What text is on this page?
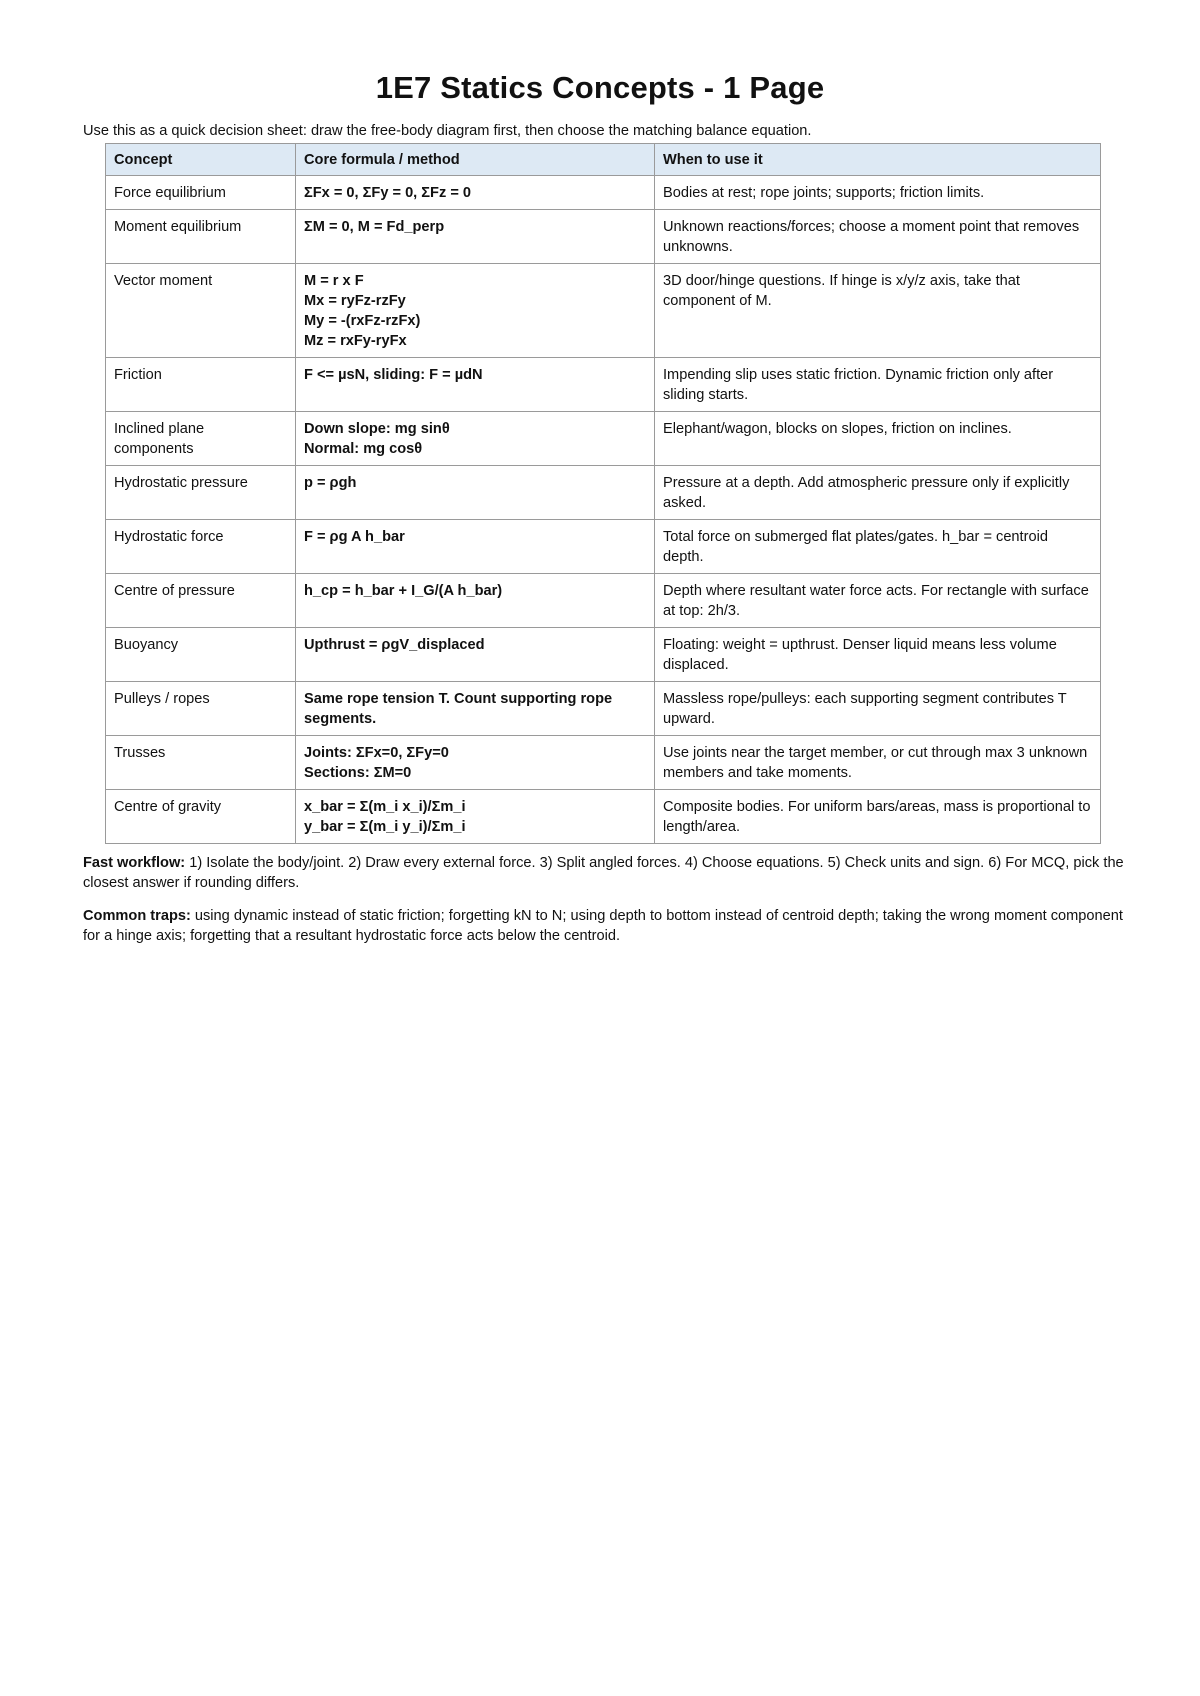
1E7 Statics Concepts - 1 Page
Use this as a quick decision sheet: draw the free-body diagram first, then choose the matching balance equation.
Concept	Core formula / method	When to use it
Force equilibrium	ΣFx = 0, ΣFy = 0, ΣFz = 0	Bodies at rest; rope joints; supports; friction limits.
Moment equilibrium	ΣM = 0, M = Fd_perp	Unknown reactions/forces; choose a moment point that removes unknowns.
Vector moment	M = r x F
Mx = ryFz-rzFy
My = -(rxFz-rzFx)
Mz = rxFy-ryFx	3D door/hinge questions. If hinge is x/y/z axis, take that component of M.
Friction	F <= µsN, sliding: F = µdN	Impending slip uses static friction. Dynamic friction only after sliding starts.
Inclined plane components	Down slope: mg sinθ
Normal: mg cosθ	Elephant/wagon, blocks on slopes, friction on inclines.
Hydrostatic pressure	p = ρgh	Pressure at a depth. Add atmospheric pressure only if explicitly asked.
Hydrostatic force	F = ρg A h_bar	Total force on submerged flat plates/gates. h_bar = centroid depth.
Centre of pressure	h_cp = h_bar + I_G/(A h_bar)	Depth where resultant water force acts. For rectangle with surface at top: 2h/3.
Buoyancy	Upthrust = ρgV_displaced	Floating: weight = upthrust. Denser liquid means less volume displaced.
Pulleys / ropes	Same rope tension T. Count supporting rope segments.	Massless rope/pulleys: each supporting segment contributes T upward.
Trusses	Joints: ΣFx=0, ΣFy=0
Sections: ΣM=0	Use joints near the target member, or cut through max 3 unknown members and take moments.
Centre of gravity	x_bar = Σ(m_i x_i)/Σm_i
y_bar = Σ(m_i y_i)/Σm_i	Composite bodies. For uniform bars/areas, mass is proportional to length/area.
Fast workflow: 1) Isolate the body/joint. 2) Draw every external force. 3) Split angled forces. 4) Choose equations. 5) Check units and sign. 6) For MCQ, pick the closest answer if rounding differs.
Common traps: using dynamic instead of static friction; forgetting kN to N; using depth to bottom instead of centroid depth; taking the wrong moment component for a hinge axis; forgetting that a resultant hydrostatic force acts below the centroid.
